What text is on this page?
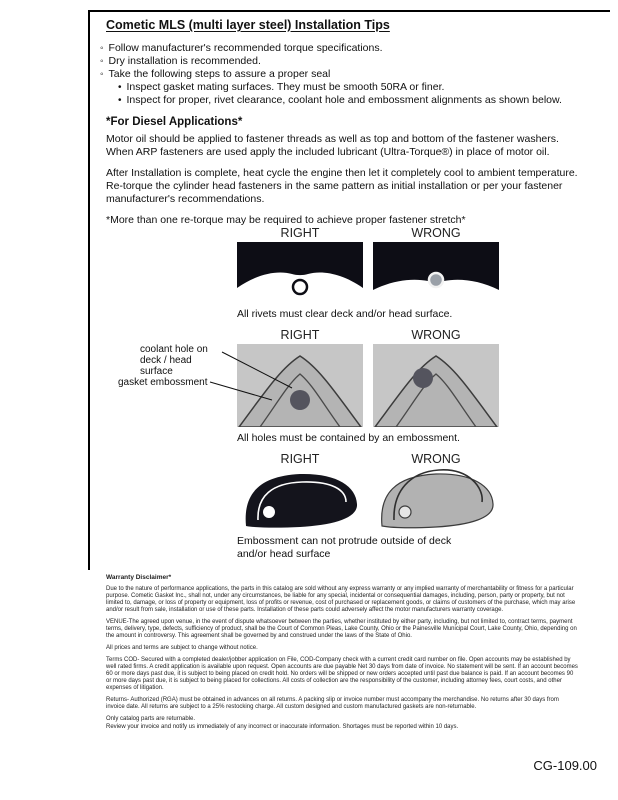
Cometic MLS (multi layer steel) Installation Tips
◦ Follow manufacturer's recommended torque specifications.
◦ Dry installation is recommended.
◦ Take the following steps to assure a proper seal
• Inspect gasket mating surfaces. They must be smooth 50RA or finer.
• Inspect for proper, rivet clearance, coolant hole and embossment alignments as shown below.
*For Diesel Applications*

Motor oil should be applied to fastener threads as well as top and bottom of the fastener washers. When ARP fasteners are used apply the included lubricant (Ultra-Torque®) in place of motor oil.

After Installation is complete, heat cycle the engine then let it completely cool to ambient temperature. Re-torque the cylinder head fasteners in the same pattern as initial installation or per your fastener manufacturer's recommendations.

*More than one re-torque may be required to achieve proper fastener stretch*

RIGHT	WRONG
All rivets must clear deck and/or head surface.
RIGHT	WRONG
All holes must be contained by an embossment.
RIGHT	WRONG
Embossment can not protrude outside of deck and/or head surface
coolant hole on deck / head surface
gasket embossment
Warranty Disclaimer*

Due to the nature of performance applications, the parts in this catalog are sold without any express warranty or any implied warranty of merchantability or fitness for a particular purpose. Cometic Gasket Inc., shall not, under any circumstances, be liable for any special, incidental or consequential damages, including, person, party or property, but not limited to, damage, or loss of property or equipment, loss of profits or revenue, cost of purchased or replacement goods, or claims of customers of the purchase, which may arise and/or result from sale, installation or use of these parts. Installation of these parts could adversely affect the motor manufacturers warranty coverage.

VENUE-The agreed upon venue, in the event of dispute whatsoever between the parties, whether instituted by either party, including, but not limited to, contract terms, payment terms, delivery, type, defects, sufficiency of product, shall be the Court of Common Pleas, Lake County, Ohio or the Painesville Municipal Court, Lake County, Ohio, depending on the amount in controversy. This agreement shall be governed by and construed under the laws of the State of Ohio.

All prices and terms are subject to change without notice.

Terms COD- Secured with a completed dealer/jobber application on File, COD-Company check with a current credit card number on file. Open accounts may be established by well rated firms. A credit application is available upon request. Open accounts are due payable Net 30 days from date of invoice. No statement will be sent. If an account becomes 60 or more days past due, it is subject to being placed on credit hold. No orders will be shipped or new orders accepted until past due balance is paid. If an account becomes 90 or more days past due, it is subject to being placed for collections. All costs of collection are the responsibility of the customer, including attorney fees, court costs, and other expenses of litigation.

Returns- Authorized (RGA) must be obtained in advances on all returns. A packing slip or invoice number must accompany the merchandise. No returns after 30 days from invoice date. All returns are subject to a 25% restocking charge. All custom designed and custom manufactured gaskets are non-returnable.

Only catalog parts are returnable.

Review your invoice and notify us immediately of any incorrect or inaccurate information. Shortages must be reported within 10 days.

CG-109.00
